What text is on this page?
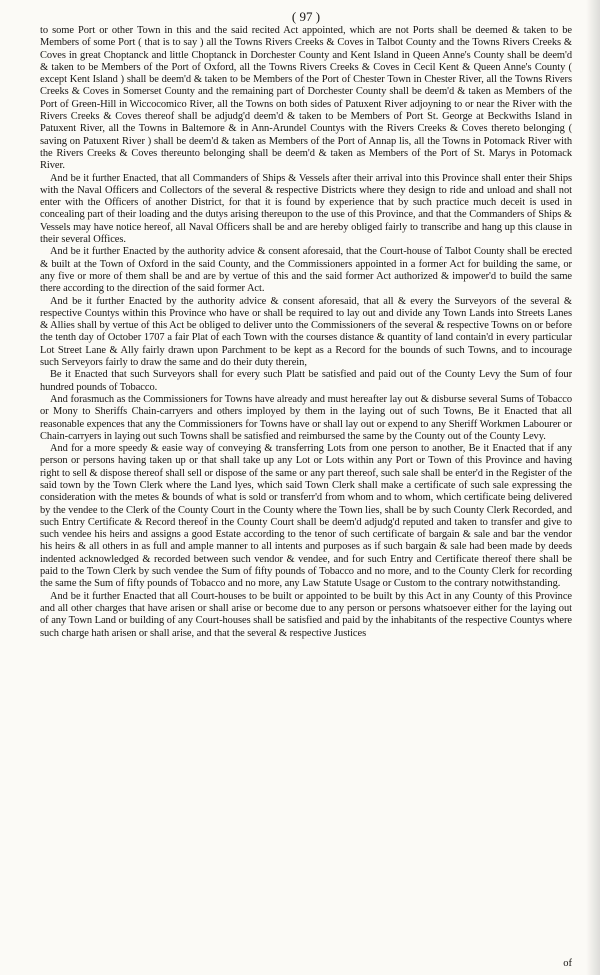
( 97 )

to some Port or other Town in this and the said recited Act appointed, which are not Ports shall be deemed & taken to be Members of some Port ( that is to say ) all the Towns Rivers Creeks & Coves in Talbot County and the Towns Rivers Creeks & Coves in great Choptanck and little Choptanck in Dorchester County and Kent Island in Queen Anne's County shall be deem'd & taken to be Members of the Port of Oxford, all the Towns Rivers Creeks & Coves in Cecil Kent & Queen Anne's County ( except Kent Island ) shall be deem'd & taken to be Members of the Port of Chester Town in Chester River, all the Towns Rivers Creeks & Coves in Somerset County and the remaining part of Dorchester County shall be deem'd & taken as Members of the Port of Green-Hill in Wiccocomico River, all the Towns on both sides of Patuxent River adjoyning to or near the River with the Rivers Creeks & Coves thereof shall be adjudg'd deem'd & taken to be Members of Port St. George at Beckwiths Island in Patuxent River, all the Towns in Baltemore & in Ann-Arundel Countys with the Rivers Creeks & Coves thereto belonging ( saving on Patuxent River ) shall be deem'd & taken as Members of the Port of Annap lis, all the Towns in Potomack River with the Rivers Creeks & Coves thereunto belonging shall be deem'd & taken as Members of the Port of St. Marys in Potomack River.

And be it further Enacted, that all Commanders of Ships & Vessels after their arrival into this Province shall enter their Ships with the Naval Officers and Collectors of the several & respective Districts where they design to ride and unload and shall not enter with the Officers of another District, for that it is found by experience that by such practice much deceit is used in concealing part of their loading and the dutys arising thereupon to the use of this Province, and that the Commanders of Ships & Vessels may have notice hereof, all Naval Officers shall be and are hereby obliged fairly to transcribe and hang up this clause in their several Offices.

And be it further Enacted by the authority advice & consent aforesaid, that the Court-house of Talbot County shall be erected & built at the Town of Oxford in the said County, and the Commissioners appointed in a former Act for building the same, or any five or more of them shall be and are by vertue of this and the said former Act authorized & impower'd to build the same there according to the direction of the said former Act.

And be it further Enacted by the authority advice & consent aforesaid, that all & every the Surveyors of the several & respective Countys within this Province who have or shall be required to lay out and divide any Town Lands into Streets Lanes & Allies shall by vertue of this Act be obliged to deliver unto the Commissioners of the several & respective Towns on or before the tenth day of October 1707 a fair Plat of each Town with the courses distance & quantity of land contain'd in every particular Lot Street Lane & Ally fairly drawn upon Parchment to be kept as a Record for the bounds of such Towns, and to incourage such Serveyors fairly to draw the same and do their duty therein,

Be it Enacted that such Surveyors shall for every such Platt be satisfied and paid out of the County Levy the Sum of four hundred pounds of Tobacco.

And forasmuch as the Commissioners for Towns have already and must hereafter lay out & disburse several Sums of Tobacco or Mony to Sheriffs Chain-carryers and others imployed by them in the laying out of such Towns, Be it Enacted that all reasonable expences that any the Commissioners for Towns have or shall lay out or expend to any Sheriff Workmen Labourer or Chain-carryers in laying out such Towns shall be satisfied and reimbursed the same by the County out of the County Levy.

And for a more speedy & easie way of conveying & transferring Lots from one person to another, Be it Enacted that if any person or persons having taken up or that shall take up any Lot or Lots within any Port or Town of this Province and having right to sell & dispose thereof shall sell or dispose of the same or any part thereof, such sale shall be enter'd in the Register of the said town by the Town Clerk where the Land lyes, which said Town Clerk shall make a certificate of such sale expressing the consideration with the metes & bounds of what is sold or transferr'd from whom and to whom, which certificate being delivered by the vendee to the Clerk of the County Court in the County where the Town lies, shall be by such County Clerk Recorded, and such Entry Certificate & Record thereof in the County Court shall be deem'd adjudg'd reputed and taken to transfer and give to such vendee his heirs and assigns a good Estate according to the tenor of such certificate of bargain & sale and bar the vendor his heirs & all others in as full and ample manner to all intents and purposes as if such bargain & sale had been made by deeds indented acknowledged & recorded between such vendor & vendee, and for such Entry and Certificate thereof there shall be paid to the Town Clerk by such vendee the Sum of fifty pounds of Tobacco and no more, and to the County Clerk for recording the same the Sum of fifty pounds of Tobacco and no more, any Law Statute Usage or Custom to the contrary notwithstanding.

And be it further Enacted that all Court-houses to be built or appointed to be built by this Act in any County of this Province and all other charges that have arisen or shall arise or become due to any person or persons whatsoever either for the laying out of any Town Land or building of any Court-houses shall be satisfied and paid by the inhabitants of the respective Countys where such charge hath arisen or shall arise, and that the several & respective Justices

of
